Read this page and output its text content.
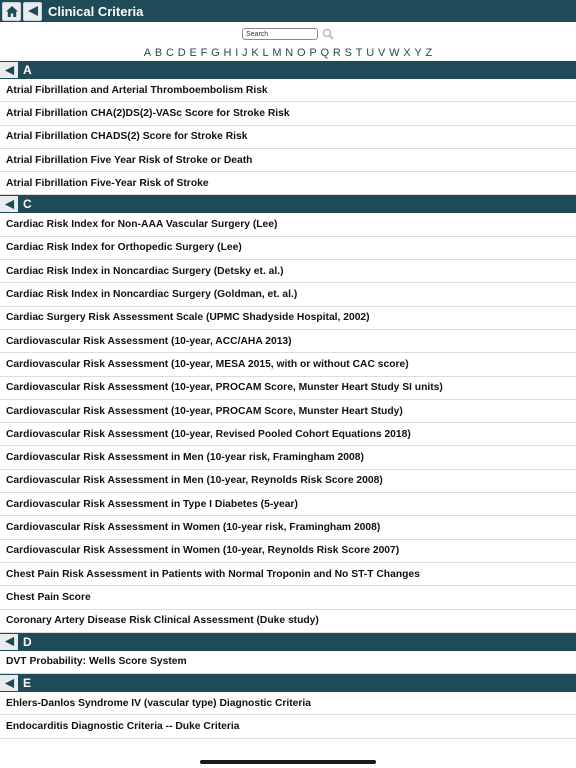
Clinical Criteria
Search
A B C D E F G H I J K L M N O P Q R S T U V W X Y Z
A
Atrial Fibrillation and Arterial Thromboembolism Risk
Atrial Fibrillation CHA(2)DS(2)-VASc Score for Stroke Risk
Atrial Fibrillation CHADS(2) Score for Stroke Risk
Atrial Fibrillation Five Year Risk of Stroke or Death
Atrial Fibrillation Five-Year Risk of Stroke
C
Cardiac Risk Index for Non-AAA Vascular Surgery (Lee)
Cardiac Risk Index for Orthopedic Surgery (Lee)
Cardiac Risk Index in Noncardiac Surgery (Detsky et. al.)
Cardiac Risk Index in Noncardiac Surgery (Goldman, et. al.)
Cardiac Surgery Risk Assessment Scale (UPMC Shadyside Hospital, 2002)
Cardiovascular Risk Assessment (10-year, ACC/AHA 2013)
Cardiovascular Risk Assessment (10-year, MESA 2015, with or without CAC score)
Cardiovascular Risk Assessment (10-year, PROCAM Score, Munster Heart Study SI units)
Cardiovascular Risk Assessment (10-year, PROCAM Score, Munster Heart Study)
Cardiovascular Risk Assessment (10-year, Revised Pooled Cohort Equations 2018)
Cardiovascular Risk Assessment in Men (10-year risk, Framingham 2008)
Cardiovascular Risk Assessment in Men (10-year, Reynolds Risk Score 2008)
Cardiovascular Risk Assessment in Type I Diabetes (5-year)
Cardiovascular Risk Assessment in Women (10-year risk, Framingham 2008)
Cardiovascular Risk Assessment in Women (10-year, Reynolds Risk Score 2007)
Chest Pain Risk Assessment in Patients with Normal Troponin and No ST-T Changes
Chest Pain Score
Coronary Artery Disease Risk Clinical Assessment (Duke study)
D
DVT Probability: Wells Score System
E
Ehlers-Danlos Syndrome IV (vascular type) Diagnostic Criteria
Endocarditis Diagnostic Criteria -- Duke Criteria
